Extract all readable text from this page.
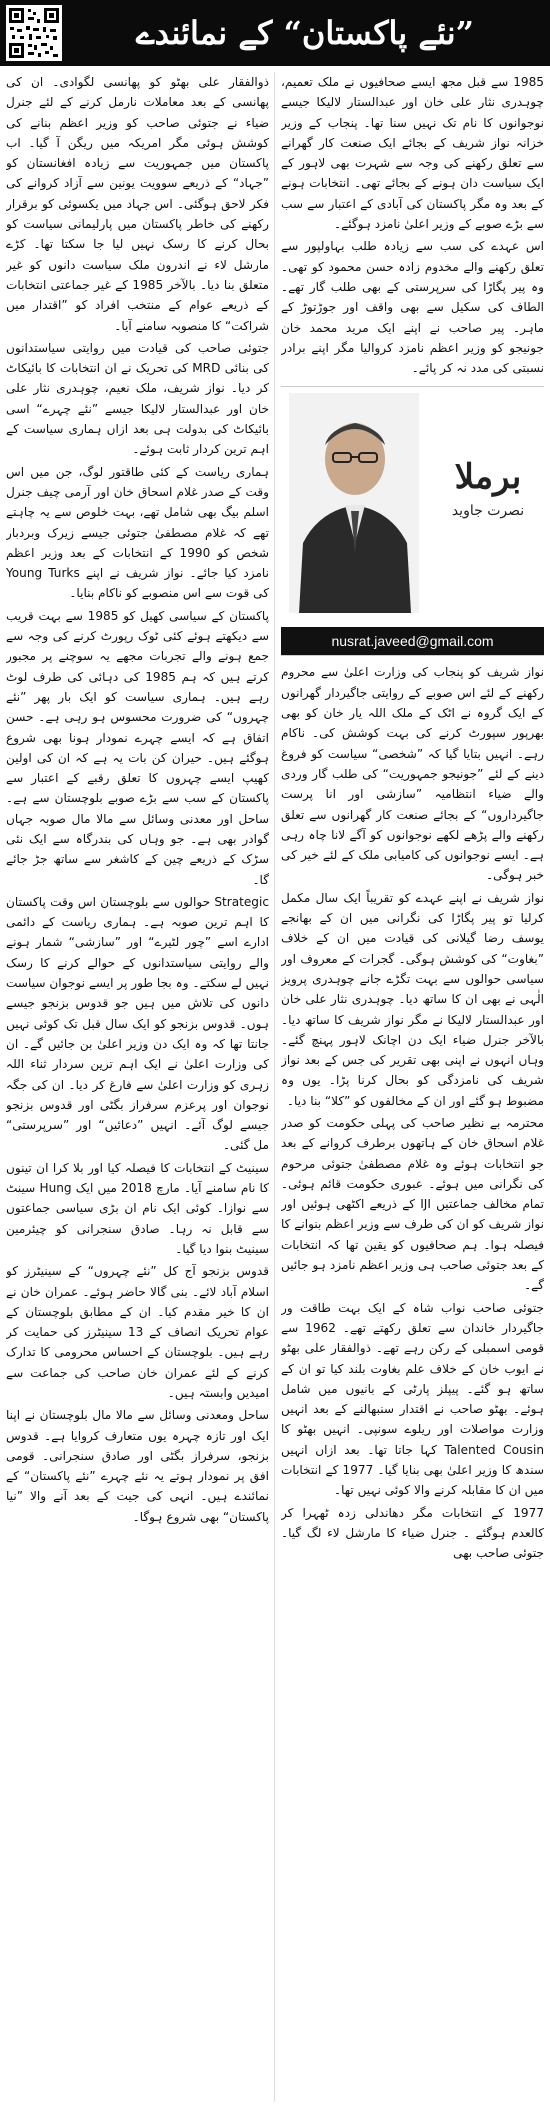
”نئے پاکستان“ کے نمائندے

1985 سے قبل مجھ ایسے صحافیوں نے ملک تعمیم، چوہدری نثار علی خان اور عبدالستار لالیکا جیسے نوجوانوں کا نام تک نہیں سنا تھا۔ پنجاب کے وزیر خزانہ نواز شریف کے بجائے ایک صنعت کار گھرانے سے تعلق رکھنے کی وجہ سے شہرت بھی لاہور کے ایک سیاست دان ہونے کے بجائے تھی۔ انتخابات ہونے کے بعد وہ مگر پاکستان کی آبادی کے اعتبار سے سب سے بڑے صوبے کے وزیر اعلیٰ نامزد ہوگئے۔

اس عہدے کی سب سے زیادہ طلب بہاولپور سے تعلق رکھنے والے مخدوم زادہ حسن محمود کو تھی۔ وہ پیر پگاڑا کی سرپرستی کے بھی طلب گار تھے۔ الطاف کی سکیل سے بھی واقف اور جوڑتوڑ کے ماہر۔ پیر صاحب نے اپنے ایک مرید محمد خان جونیجو کو وزیر اعظم نامزد کروالیا مگر اپنے برادر نسبتی کی مدد نہ کر پائے۔

برملا
نصرت جاوید
nusrat.javeed@gmail.com

نواز شریف کو پنجاب کی وزارت اعلیٰ سے محروم رکھنے کے لئے اس صوبے کے روایتی جاگیردار گھرانوں کے ایک گروہ نے اٹک کے ملک اللہ یار خان کو بھی بھرپور سپورٹ کرنے کی بہت کوشش کی۔ ناکام رہے۔ انہیں بتایا گیا کہ ”شخصی“ سیاست کو فروغ دینے کے لئے ”جونیجو جمہوریت“ کی طلب گار وردی والے ضیاء انتظامیہ ”سازشی اور انا پرست جاگیرداروں“ کے بجائے صنعت کار گھرانوں سے تعلق رکھنے والے پڑھے لکھے نوجوانوں کو آگے لانا چاہ رہی ہے۔ ایسے نوجوانوں کی کامیابی ملک کے لئے خیر کی خبر ہوگی۔

نواز شریف نے اپنے عہدے کو تقریباً ایک سال مکمل کرلیا تو پیر پگاڑا کی نگرانی میں ان کے بھانجے یوسف رضا گیلانی کی قیادت میں ان کے خلاف ”بغاوت“ کی کوشش ہوگی۔ گجرات کے معروف اور سیاسی حوالوں سے بہت تگڑے جانے چوہدری پرویز الٰہی نے بھی ان کا ساتھ دیا۔ چوہدری نثار علی خان اور عبدالستار لالیکا نے مگر نواز شریف کا ساتھ دیا۔ بالآخر جنرل ضیاء ایک دن اچانک لاہور پہنچ گئے۔ وہاں انہوں نے اپنی بھی تقریر کی جس کے بعد نواز شریف کی نامزدگی کو بحال کرنا پڑا۔ یوں وہ مضبوط ہو گئے اور ان کے مخالفوں کو ”کلا“ بنا دیا۔

محترمہ بے نظیر صاحب کی پہلی حکومت کو صدر غلام اسحاق خان کے ہاتھوں برطرف کروانے کے بعد جو انتخابات ہوئے وہ غلام مصطفیٰ جتوئی مرحوم کی نگرانی میں ہوئے۔ عبوری حکومت قائم ہوئی۔ تمام مخالف جماعتیں IJI کے ذریعے اکٹھی ہوئیں اور نواز شریف کو ان کی طرف سے وزیر اعظم بنوانے کا فیصلہ ہوا۔ ہم صحافیوں کو یقین تھا کہ انتخابات کے بعد جتوئی صاحب ہی وزیر اعظم نامزد ہو جائیں گے۔

جتوئی صاحب نواب شاہ کے ایک بہت طاقت ور جاگیردار خاندان سے تعلق رکھتے تھے۔ 1962 سے قومی اسمبلی کے رکن رہے تھے۔ ذوالفقار علی بھٹو نے ایوب خان کے خلاف علم بغاوت بلند کیا تو ان کے ساتھ ہو گئے۔ پیپلز پارٹی کے بانیوں میں شامل ہوئے۔ بھٹو صاحب نے اقتدار سنبھالنے کے بعد انہیں وزارت مواصلات اور ریلوے سونپی۔ انہیں بھٹو کا Talented Cousin کہا جاتا تھا۔ بعد ازاں انہیں سندھ کا وزیر اعلیٰ بھی بنایا گیا۔ 1977 کے انتخابات میں ان کا مقابلہ کرنے والا کوئی نہیں تھا۔

1977 کے انتخابات مگر دھاندلی زدہ ٹھہرا کر کالعدم ہوگئے ۔ جنرل ضیاء کا مارشل لاء لگ گیا۔ جتوئی صاحب بھی

ذوالفقار علی بھٹو کو پھانسی لگوادی۔ ان کی پھانسی کے بعد معاملات نارمل کرنے کے لئے جنرل ضیاء نے جتوئی صاحب کو وزیر اعظم بنانے کی کوشش ہوئی مگر امریکہ میں ریگن آ گیا۔ اب پاکستان میں جمہوریت سے زیادہ افغانستان کو ”جہاد“ کے ذریعے سوویت یونین سے آزاد کروانے کی فکر لاحق ہوگئی۔ اس جہاد میں یکسوئی کو برقرار رکھنے کی خاطر پاکستان میں پارلیمانی سیاست کو بحال کرنے کا رسک نہیں لیا جا سکتا تھا۔ کڑے مارشل لاء نے اندرون ملک سیاست دانوں کو غیر متعلق بنا دیا۔ بالآخر 1985 کے غیر جماعتی انتخابات کے ذریعے عوام کے منتخب افراد کو ”اقتدار میں شراکت“ کا منصوبہ سامنے آیا۔

جتوئی صاحب کی قیادت میں روایتی سیاستدانوں کی بنائی MRD کی تحریک نے ان انتخابات کا بائیکاٹ کر دیا۔ نواز شریف، ملک نعیم، چوہدری نثار علی خان اور عبدالستار لالیکا جیسے ”نئے چہرے“ اسی بائیکاٹ کی بدولت ہی بعد ازاں ہماری سیاست کے اہم ترین کردار ثابت ہوئے۔

ہماری ریاست کے کئی طاقتور لوگ، جن میں اس وقت کے صدر غلام اسحاق خان اور آرمی چیف جنرل اسلم بیگ بھی شامل تھے، بہت خلوص سے یہ چاہتے تھے کہ غلام مصطفیٰ جتوئی جیسے زیرک وبردبار شخص کو 1990 کے انتخابات کے بعد وزیر اعظم نامزد کیا جائے۔ نواز شریف نے اپنے Young Turks کی قوت سے اس منصوبے کو ناکام بنایا۔

پاکستان کے سیاسی کھیل کو 1985 سے بہت قریب سے دیکھتے ہوئے کئی ٹوک رپورٹ کرنے کی وجہ سے جمع ہونے والے تجربات مجھے یہ سوچنے پر مجبور کرتے ہیں کہ ہم 1985 کی دہائی کی طرف لوٹ رہے ہیں۔ ہماری سیاست کو ایک بار پھر ”نئے چہروں“ کی ضرورت محسوس ہو رہی ہے۔ حسن اتفاق ہے کہ ایسے چہرے نمودار ہونا بھی شروع ہوگئے ہیں۔ حیران کن بات یہ ہے کہ ان کی اولین کھیپ ایسے چہروں کا تعلق رقبے کے اعتبار سے پاکستان کے سب سے بڑے صوبے بلوچستان سے ہے۔ ساحل اور معدنی وسائل سے مالا مال صوبہ جہاں گوادر بھی ہے۔ جو وہاں کی بندرگاہ سے ایک نئی سڑک کے ذریعے چین کے کاشغر سے ساتھ جڑ جائے گا۔

Strategic حوالوں سے بلوچستان اس وقت پاکستان کا اہم ترین صوبہ ہے۔ ہماری ریاست کے دائمی ادارے اسے ”چور لٹیرے“ اور ”سازشی“ شمار ہونے والے روایتی سیاستدانوں کے حوالے کرنے کا رسک نہیں لے سکتے۔ وہ بجا طور پر ایسے نوجوان سیاست دانوں کی تلاش میں ہیں جو قدوس بزنجو جیسے ہوں۔ قدوس بزنجو کو ایک سال قبل تک کوئی نہیں جانتا تھا کہ وہ ایک دن وزیر اعلیٰ بن جائیں گے۔ ان کی وزارت اعلیٰ نے ایک اہم ترین سردار ثناء اللہ زہری کو وزارت اعلیٰ سے فارغ کر دیا۔ ان کی جگہ نوجوان اور پرعزم سرفراز بگٹی اور قدوس بزنجو جیسے لوگ آئے۔ انہیں ”دعائیں“ اور ”سرپرستی“ مل گئی۔

سینیٹ کے انتخابات کا فیصلہ کیا اور بلا کرا ان تینوں کا نام سامنے آیا۔ مارچ 2018 میں ایک Hung سینٹ سے نوازا۔ کوئی ایک نام ان بڑی سیاسی جماعتوں سے قابل نہ رہا۔ صادق سنجرانی کو چیئرمین سینیٹ بنوا دیا گیا۔

قدوس بزنجو آج کل ”نئے چہروں“ کے سینیٹرز کو اسلام آباد لائے۔ بنی گالا حاضر ہوئے۔ عمران خان نے ان کا خیر مقدم کیا۔ ان کے مطابق بلوچستان کے عوام تحریک انصاف کے 13 سینیٹرز کی حمایت کر رہے ہیں۔ بلوچستان کے احساس محرومی کا تدارک کرنے کے لئے عمران خان صاحب کی جماعت سے امیدیں وابستہ ہیں۔

ساحل ومعدنی وسائل سے مالا مال بلوچستان نے اپنا ایک اور تازہ چہرہ یوں متعارف کروایا ہے۔ قدوس بزنجو، سرفراز بگٹی اور صادق سنجرانی۔ قومی افق پر نمودار ہوتے یہ نئے چہرے ”نئے پاکستان“ کے نمائندے ہیں۔ انہی کی جیت کے بعد آنے والا ”نیا پاکستان“ بھی شروع ہوگا۔
